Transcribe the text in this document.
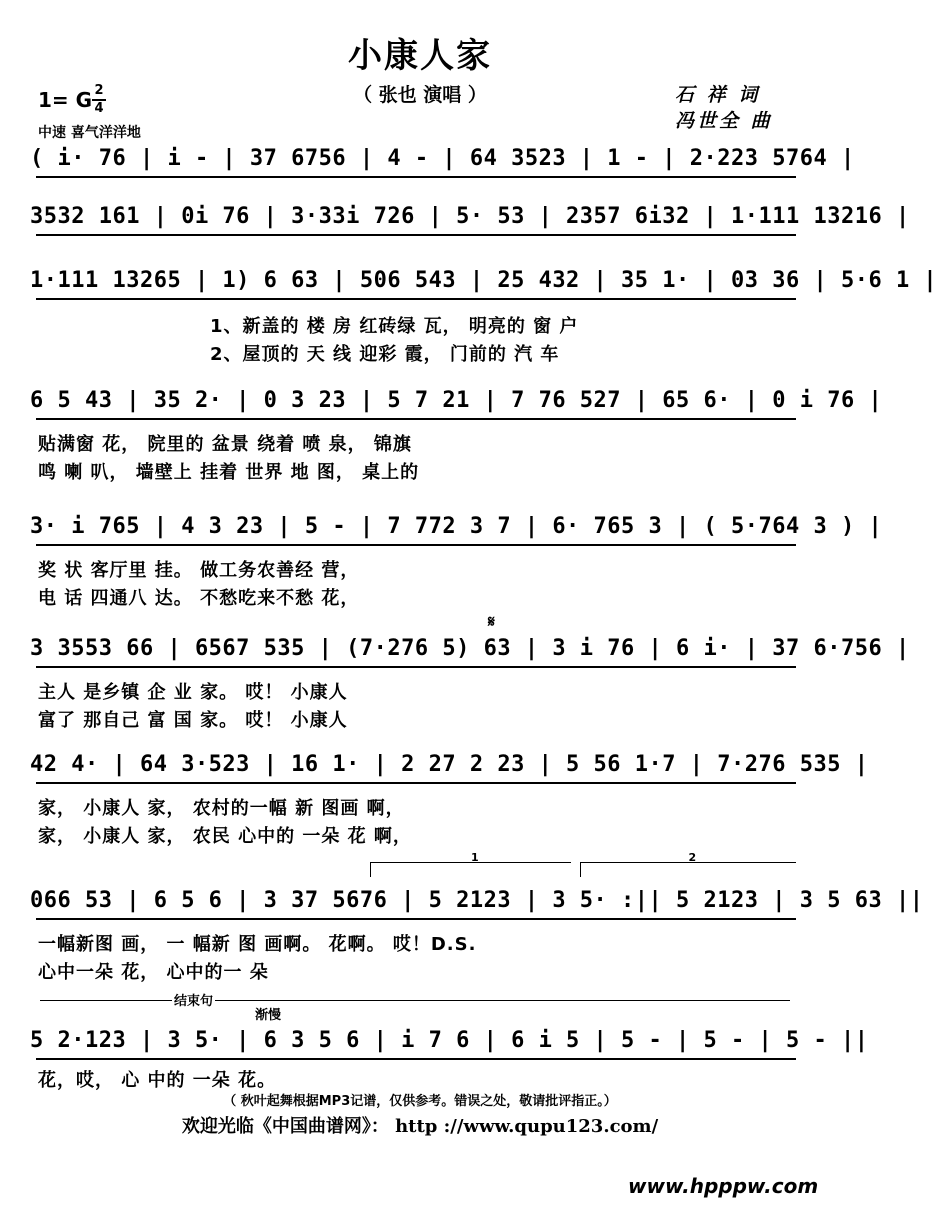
小康人家
（ 张也 演唱 ）	石 祥 词
冯世全 曲
1= G 2
4
中速 喜气洋洋地
( i· 76 | i - | 37 6756 | 4 - | 64 3523 | 1 - | 2·223 5764 |
3532 161 | 0i 76 | 3·33i 726 | 5· 53 | 2357 6i32 | 1·111 13216 |
1·111 13265 | 1) 6 63 | 506 543 | 25 432 | 35 1· | 03 36 | 5·6 1 |
1、新盖的 楼 房 红砖绿 瓦， 明亮的 窗 户
2、屋顶的 天 线 迎彩 霞， 门前的 汽 车
6 5 43 | 35 2· | 0 3 23 | 5 7 21 | 7 76 527 | 65 6· | 0 i 76 |
贴满窗 花， 院里的 盆景 绕着 喷 泉， 锦旗
鸣 喇 叭， 墙壁上 挂着 世界 地 图， 桌上的
3· i 765 | 4 3 23 | 5 - | 7 772 3 7 | 6· 765 3 | ( 5·764 3 ) |
奖 状 客厅里 挂。 做工务农善经 营，
电 话 四通八 达。 不愁吃来不愁 花，
𝄋
3 3553 66 | 6567 535 | (7·276 5) 63 | 3 i 76 | 6 i· | 37 6·756 |
主人 是乡镇 企 业 家。 哎！ 小康人
富了 那自己 富 国 家。 哎！ 小康人
42 4· | 64 3·523 | 16 1· | 2 27 2 23 | 5 56 1·7 | 7·276 535 |
家， 小康人 家， 农村的一幅 新 图画 啊，
家， 小康人 家， 农民 心中的 一朵 花 啊，
1	2
066 53 | 6 5 6 | 3 37 5676 | 5 2123 | 3 5· :|| 5 2123 | 3 5 63 ||
一幅新图 画， 一 幅新 图 画啊。 花啊。 哎！D.S.
心中一朵 花， 心中的一 朵
结束句
渐慢
5 2·123 | 3 5· | 6 3 5 6 | i 7 6 | 6 i 5 | 5 - | 5 - | 5 - ||
花，哎， 心 中的 一朵 花。
（ 秋叶起舞根据MP3记谱，仅供参考。错误之处，敬请批评指正。）
欢迎光临《中国曲谱网》： http ://www.qupu123.com/
www.hpppw.com
